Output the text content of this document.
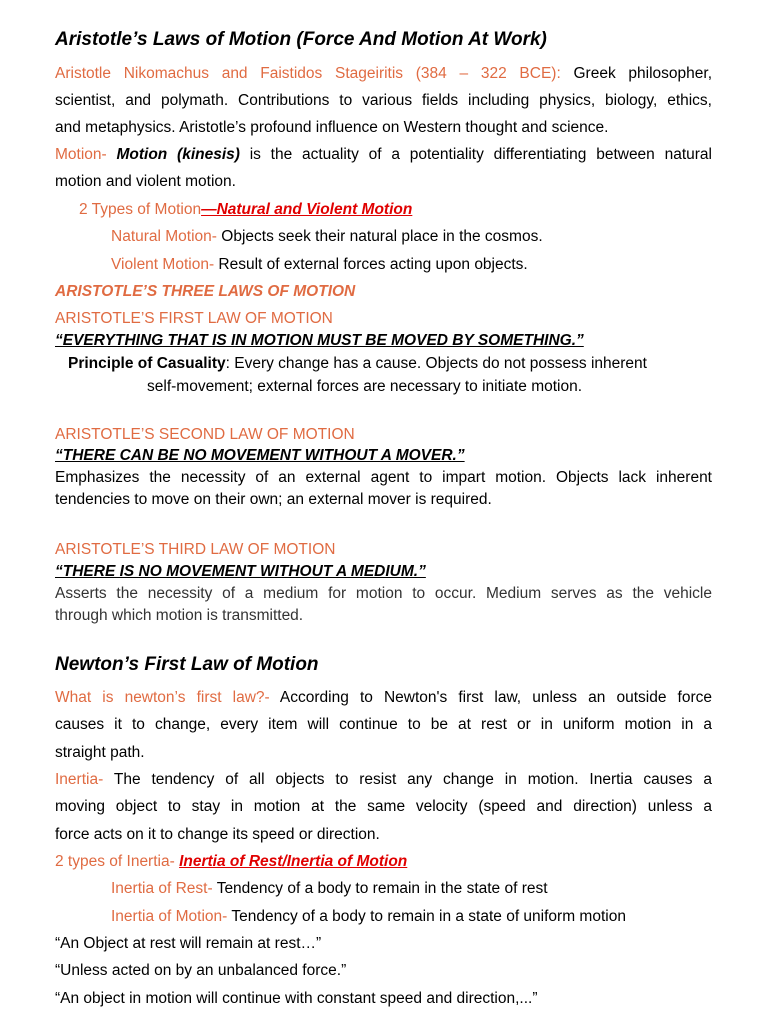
Aristotle’s Laws of Motion (Force And Motion At Work)
Aristotle Nikomachus and Faistidos Stageiritis (384 – 322 BCE): Greek philosopher,
scientist, and polymath. Contributions to various fields including physics, biology, ethics,
and metaphysics. Aristotle’s profound influence on Western thought and science.
Motion- Motion (kinesis) is the actuality of a potentiality differentiating between natural
motion and violent motion.
2 Types of Motion—Natural and Violent Motion
Natural Motion- Objects seek their natural place in the cosmos.
Violent Motion- Result of external forces acting upon objects.
ARISTOTLE’S THREE LAWS OF MOTION
ARISTOTLE’S FIRST LAW OF MOTION
“EVERYTHING THAT IS IN MOTION MUST BE MOVED BY SOMETHING.”
Principle of Casuality: Every change has a cause. Objects do not possess inherent
self-movement; external forces are necessary to initiate motion.
ARISTOTLE’S SECOND LAW OF MOTION
“THERE CAN BE NO MOVEMENT WITHOUT A MOVER.”
Emphasizes the necessity of an external agent to impart motion. Objects lack inherent
tendencies to move on their own; an external mover is required.
ARISTOTLE’S THIRD LAW OF MOTION
“THERE IS NO MOVEMENT WITHOUT A MEDIUM.”
Asserts the necessity of a medium for motion to occur. Medium serves as the vehicle
through which motion is transmitted.
Newton’s First Law of Motion
What is newton’s first law?- According to Newton's first law, unless an outside force
causes it to change, every item will continue to be at rest or in uniform motion in a
straight path.
Inertia- The tendency of all objects to resist any change in motion. Inertia causes a
moving object to stay in motion at the same velocity (speed and direction) unless a
force acts on it to change its speed or direction.
2 types of Inertia- Inertia of Rest/Inertia of Motion
Inertia of Rest- Tendency of a body to remain in the state of rest
Inertia of Motion- Tendency of a body to remain in a state of uniform motion
“An Object at rest will remain at rest…”
“Unless acted on by an unbalanced force.”
“An object in motion will continue with constant speed and direction,...”
